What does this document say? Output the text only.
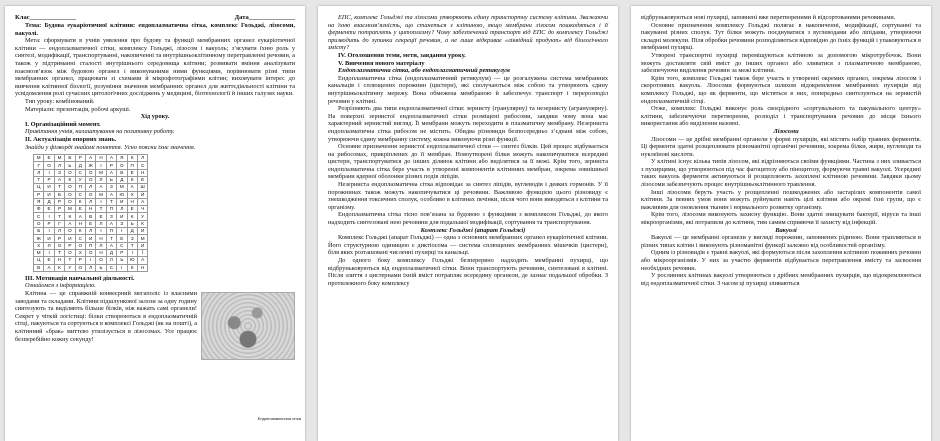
Клас______________	Дата______________

Тема: Будова еукаріотичної клітини: ендоплазматична сітка, комплекс Гольджі, лізосоми, вакуолі.

Мета: сформувати в учнів уявлення про будову та функції мембранних органел еукаріотичної клітини — ендоплазматичної сітки, комплексу Гольджі, лізосом і вакуоль; з’ясувати їхню роль у синтезі, модифікації, транспортуванні, накопиченні та внутрішньоклітинному перетравленні речовин, а також у підтриманні сталості внутрішнього середовища клітини; розвивати вміння аналізувати взаємозв’язок між будовою органел і виконуваними ними функціями, порівнювати різні типи мембранних органел, працювати зі схемами й мікрофотографіями клітин; виховувати інтерес до вивчення клітинної біології, розуміння значення мембранних органел для життєдіяльності клітини та усвідомлення ролі сучасних цитологічних досліджень у медицині, біотехнології й інших галузях науки.

Тип уроку: комбінований.

Матеріали: презентація, робочі аркуші.

Хід уроку.

І. Організаційний момент.

Привітання учнів, налаштування на позитивну роботу.

ІІ. Актуалізація опорних знань.

Знайди у філворді знайомі поняття. Усно поясни їхнє значення.

М	Е	М	Б	Р	А	Н	А	Я	К	Л
Г	О	Л	Ь	Д	Ж	І	Р	О	П	С
Л	І	З	О	С	О	М	А	В	Е	Н
Т	Р	А	К	У	О	Л	Ь	Д	К	Е
Ц	И	Т	О	П	Л	А	З	М	А	Ш
Р	И	Б	О	С	О	М	А	Ю	Х	Й
Я	Д	Р	О	К	Л	І	Т	И	Н	А
Ф	Е	Р	М	Е	Н	Т	П	Л	Е	Ч
С	І	Т	К	А	В	Е	З	И	К	У
О	Р	Г	А	Н	Е	Л	А	З	Ь	К
Б	І	Л	О	К	Л	І	П	І	Д	И
Ж	И	Р	И	С	И	Н	Т	Е	З	М
Х	Л	О	Р	О	П	Л	А	С	Т	И
М	І	Т	О	Х	О	Н	Д	Р	І	Ї
Ц	Е	Н	Т	Р	І	О	Л	Ь	Ю	А
В	А	К	У	О	Л	Ь	С	І	К	Н

ІІІ. Мотивація навчальної діяльності.

Ознайомся з інформацією.

Клітина — це справжній конвеєрний мегаполіс із власними заводами та складами. Клітини підшлункової залози за одну годину синтезують та виділяють більше білків, ніж важать самі органели! Секрет у чіткій логістиці: білки створюються в ендоплазматичній сітці, пакуються та сортуються в комплексі Гольджі (як на пошті), а клітинний «брак» миттєво утилізується в лізосомах. Усе працює безперебійно кожну секунду!

Ендоплазматична сітка

ЕПС, комплекс Гольджі та лізосоми утворюють єдину транспортну систему клітини. Зважаючи на їхню взаємозв’язність, що станеться з клітиною, якщо мембрани лізосом пошкодяться і її ферменти потраплять у цитоплазму? Чому забезпечений транспорт від ЕПС до комплексу Гольджі призводить до зупинки секреції речовин, а не лише відкриває «ліквідний продукт» від біологічного змісту?

IV. Оголошення теми, мети, завдання уроку.

V. Вивчення нового матеріалу

Ендоплазматична сітка, або ендоплазматичний ретикулум

Ендоплазматична сітка (ендоплазматичний ретикулум) — це розгалужена система мембранних канальців і сплющених порожнин (цистерн), які сполучаються між собою та утворюють єдину внутрішньоклітинну мережу. Вона обмежена мембраною й забезпечує транспорт і перерозподіл речовин у клітині.

Розрізняють два типи ендоплазматичної сітки: зернисту (гранулярну) та незернисту (агранулярну). На поверхні зернистої ендоплазматичної сітки розміщені рибосоми, завдяки чому вона має характерний зернистий вигляд. Її мембрани можуть переходити в плазматичну мембрану. Незерниста ендоплазматична сітка рибосом не містить. Обидва різновиди безпосередньо з’єднані між собою, утворюючи єдину мембранну систему, кожна виконуючи різні функції.

Основне призначення зернистої ендоплазматичної сітки — синтез білків. Цей процес відбувається на рибосомах, прикріплених до її мембран. Новоутворені білки можуть накопичуватися всередині цистерн, транспортуватися до інших ділянок клітини або виділятися за її межі. Крім того, зерниста ендоплазматична сітка бере участь в утворенні компонентів клітинних мембран, зокрема зовнішньої мембрани ядерної оболонки різних подів ліпідів.

Незерниста ендоплазматична сітка відповідає за синтез ліпідів, вуглеводів і деяких гормонів. У її порожнинах також можуть накопичуватися ці речовини. Важливою функцією цього різновиду є знешкодження токсичних сполук, особливо в клітинах печінки, після чого вони виводяться з клітини та організму.

Ендоплазматична сітка тісно пов’язана за будовою з функціями з комплексом Гольджі, до якого надходить синтезовані нею речовини для подальшої модифікації, сортування та транспортування.

Комплекс Гольджі (апарат Гольджі)

Комплекс Гольджі (апарат Гольджі) — одна з основних мембранних органел еукаріотичної клітини. Його структурною одиницею є диктіосома — система сплющених мембранних мішечків (цистерн), біля яких розташовані численні пухирці та канальці.

До одного боку комплексу Гольджі безперервно надходять мембранні пухирці, що відбруньковуються від ендоплазматичної сітки. Вони транспортують речовини, синтезовані в клітині. Після злиття з цистернами їхній вміст потрапляє всередину органели, де зазнає подальшої обробки. З протилежного боку комплексу

відбруньковуються нові пухирці, заповнені вже перетвореними й відсортованими речовинами.

Основне призначення комплексу Гольджі полягає в накопиченні, модифікації, сортуванні та пакуванні різних сполук. Тут білки можуть поєднуватися з вуглеводами або ліпідами, утворюючи складні молекули. Піля обробки речовини розподіляються відповідно до їхніх функцій і упаковуються в мембранні пухирці.

Утворені транспортні пухирці переміщуються клітиною за допомогою мікротрубочок. Вони можуть доставляти свій вміст до інших органел або зливатися з плазматичною мембраною, забезпечуючи виділення речовин за межі клітини.

Крім того, комплекс Гольджі також бере участь в утворенні окремих органел, зокрема лізосом і скоротливих вакуоль. Лізосоми формуються шляхом відокремлення мембранних пухирців від комплексу Гольджі, що як ферменти, що містяться в них, попередньо синтезуються на зернистій ендоплазматичній сітці.

Отже, комплекс Гольджі виконує роль своєрідного «сортувального та пакувального центру» клітини, забезпечуючи перетворення, розподіл і транспортування речовин до місця їхнього використання або виділення назовні.

Лізосоми

Лізосоми — це дрібні мембранні органели у формі пухирців, які містять набір травних ферментів. Ці ферменти здатні розщеплювати різноманітні органічні речовини, зокрема білки, жири, вуглеводи та нуклеїнові кислоти.

У клітині існує кілька типів лізосом, які відрізняються своїми функціями. Частина з них зливається з пухирцями, що утворюються під час фагоцитозу або піноцитозу, формуючи травні вакуолі. Усередині таких вакуоль ферменти активуються й розщеплюють захоплені клітиною речовини. Завдяки цьому лізосоми забезпечують процес внутрішньоклітинного травлення.

Інші лізосоми беруть участь у розщепленні пошкоджених або застарілих компонентів самої клітини. За певних умов вони можуть руйнувати навіть цілі клітини або окремі їхні групи, що є важливим для оновлення тканин і нормального розвитку організму.

Крім того, лізосоми виконують захисну функцію. Вони здатні знищувати бактерії, віруси та інші мікроорганізми, які потрапили до клітини, тим самим сприяючи її захисту від інфекцій.

Вакуолі

Вакуолі — це мембранні органели у вигляді порожнин, заповнених рідиною. Вони трапляються в різних типах клітин і виконують різноманітні функції залежно від особливостей організму.

Одним із різновидів є травні вакуолі, які формуються після захоплення клітиною поживних речовин або мікроорганізмів. У них за участю ферментів відбувається перетравлення вмісту та засвоєння необхідних речовин.

У рослинних клітинах вакуолі утворюються з дрібних мембранних пухирців, що відокремлюються від ендоплазматичної сітки. З часом ці пухирці зливаються
